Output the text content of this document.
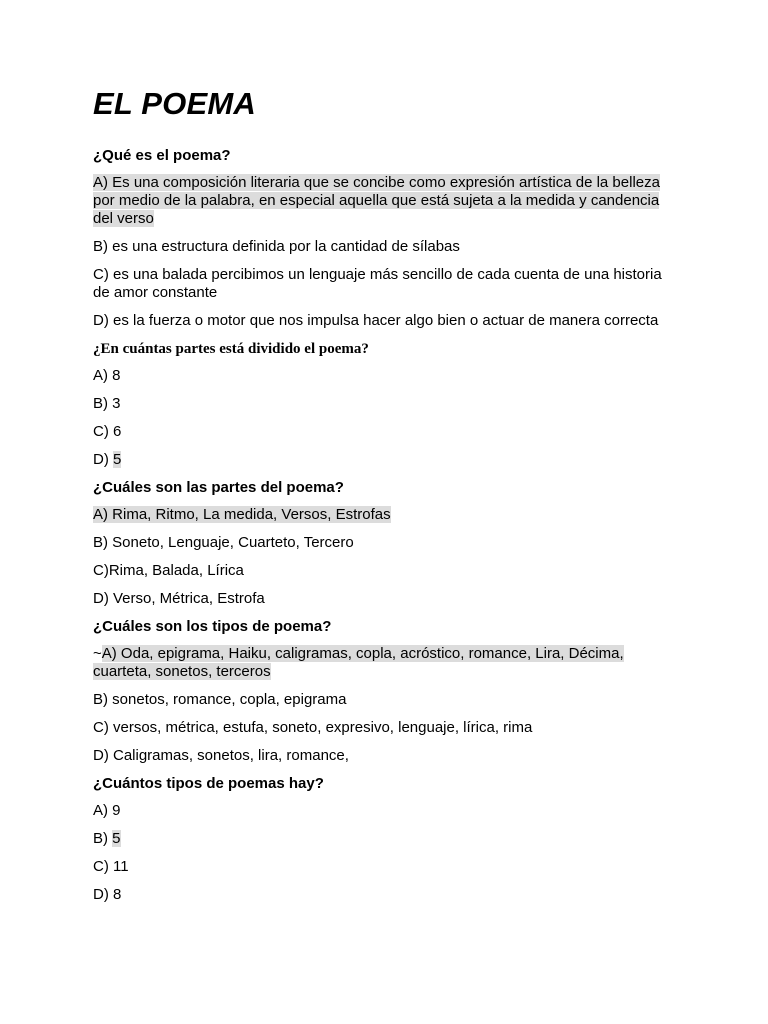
EL POEMA

¿Qué es el poema?

A) Es una composición literaria que se concibe como expresión artística de la belleza por medio de la palabra, en especial aquella que está sujeta a la medida y candencia del verso

B) es una estructura definida por la cantidad de sílabas

C) es una balada percibimos un lenguaje más sencillo de cada cuenta de una historia de amor constante

D) es la fuerza o motor que nos impulsa hacer algo bien o actuar de manera correcta

¿En cuántas partes está dividido el poema?

A) 8

B) 3

C) 6

D) 5

¿Cuáles son las partes del poema?

A) Rima, Ritmo, La medida, Versos, Estrofas

B) Soneto, Lenguaje, Cuarteto, Tercero

C)Rima, Balada, Lírica

D) Verso, Métrica, Estrofa

¿Cuáles son los tipos de poema?

~A) Oda, epigrama, Haiku, caligramas, copla, acróstico, romance, Lira, Décima, cuarteta, sonetos, terceros

B) sonetos, romance, copla, epigrama

C) versos, métrica, estufa, soneto, expresivo, lenguaje, lírica, rima

D) Caligramas, sonetos, lira, romance,

¿Cuántos tipos de poemas hay?

A) 9

B) 5

C) 11

D) 8
